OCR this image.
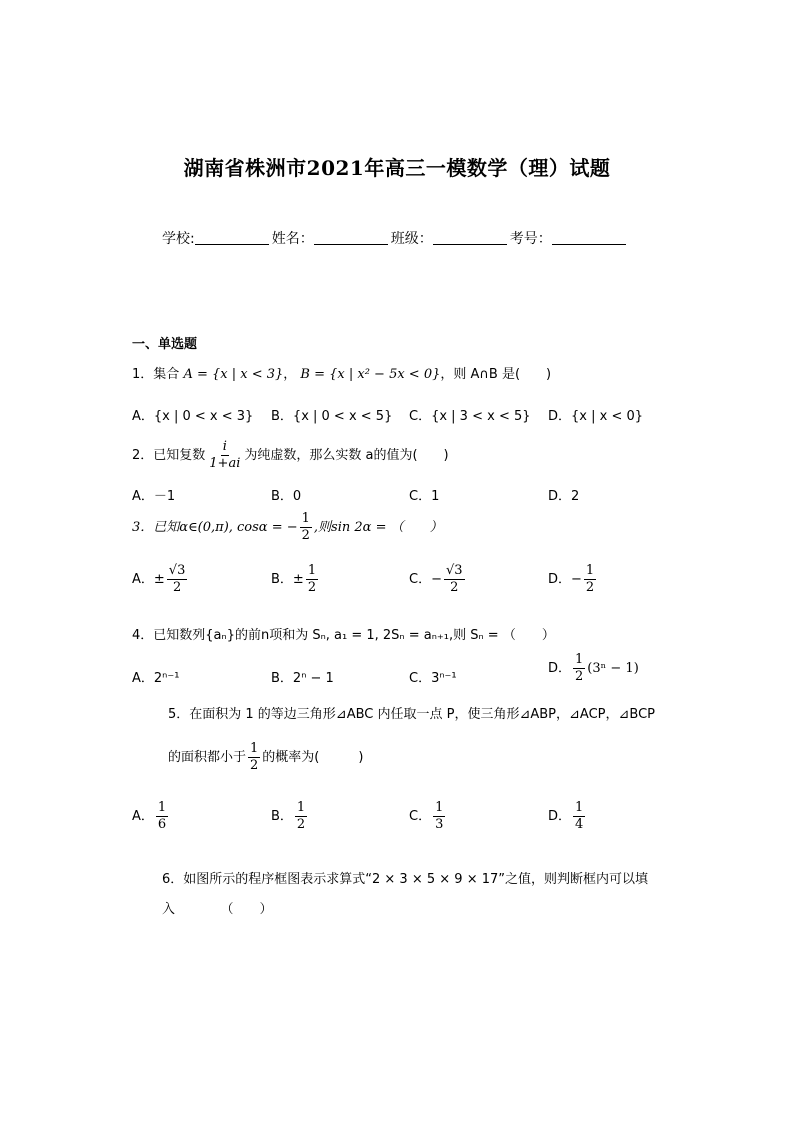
湖南省株洲市2021年高三一模数学（理）试题
学校:	姓名：	班级：	考号：
一、单选题
1．集合 A = {x | x < 3}， B = {x | x² − 5x < 0}，则 A∩B 是(　　)
A．{x | 0 < x < 3} B．{x | 0 < x < 5} C．{x | 3 < x < 5} D．{x | x < 0}
2．已知复数 $\frac{i}{1+ai}$ 为纯虚数，那么实数 a的值为(　　)
A．－1	B．0	C．1	D．2
3．已知α∈(0,π), cosα = − $\frac{1}{2}$ ,则sin 2α = （　　）
A．± $\frac{√3}{2}$	B．± $\frac{1}{2}$	C．− $\frac{√3}{2}$	D．− $\frac{1}{2}$
4．已知数列{aₙ}的前n项和为 Sₙ, a₁ = 1, 2Sₙ = aₙ₊₁,则 Sₙ = （　　）
A．2ⁿ⁻¹	B．2ⁿ − 1	C．3ⁿ⁻¹
D． $\frac{1}{2} (3^n - 1)$
5．在面积为 1 的等边三角形⊿ABC 内任取一点 P，使三角形⊿ABP，⊿ACP，⊿BCP
的面积都小于 $\frac{1}{2}$ 的概率为(　　　)
A． $\frac{1}{6}$	B． $\frac{1}{2}$	C． $\frac{1}{3}$	D． $\frac{1}{4}$
6．如图所示的程序框图表示求算式“2 × 3 × 5 × 9 × 17”之值，则判断框内可以填
入　　　　（　　）
